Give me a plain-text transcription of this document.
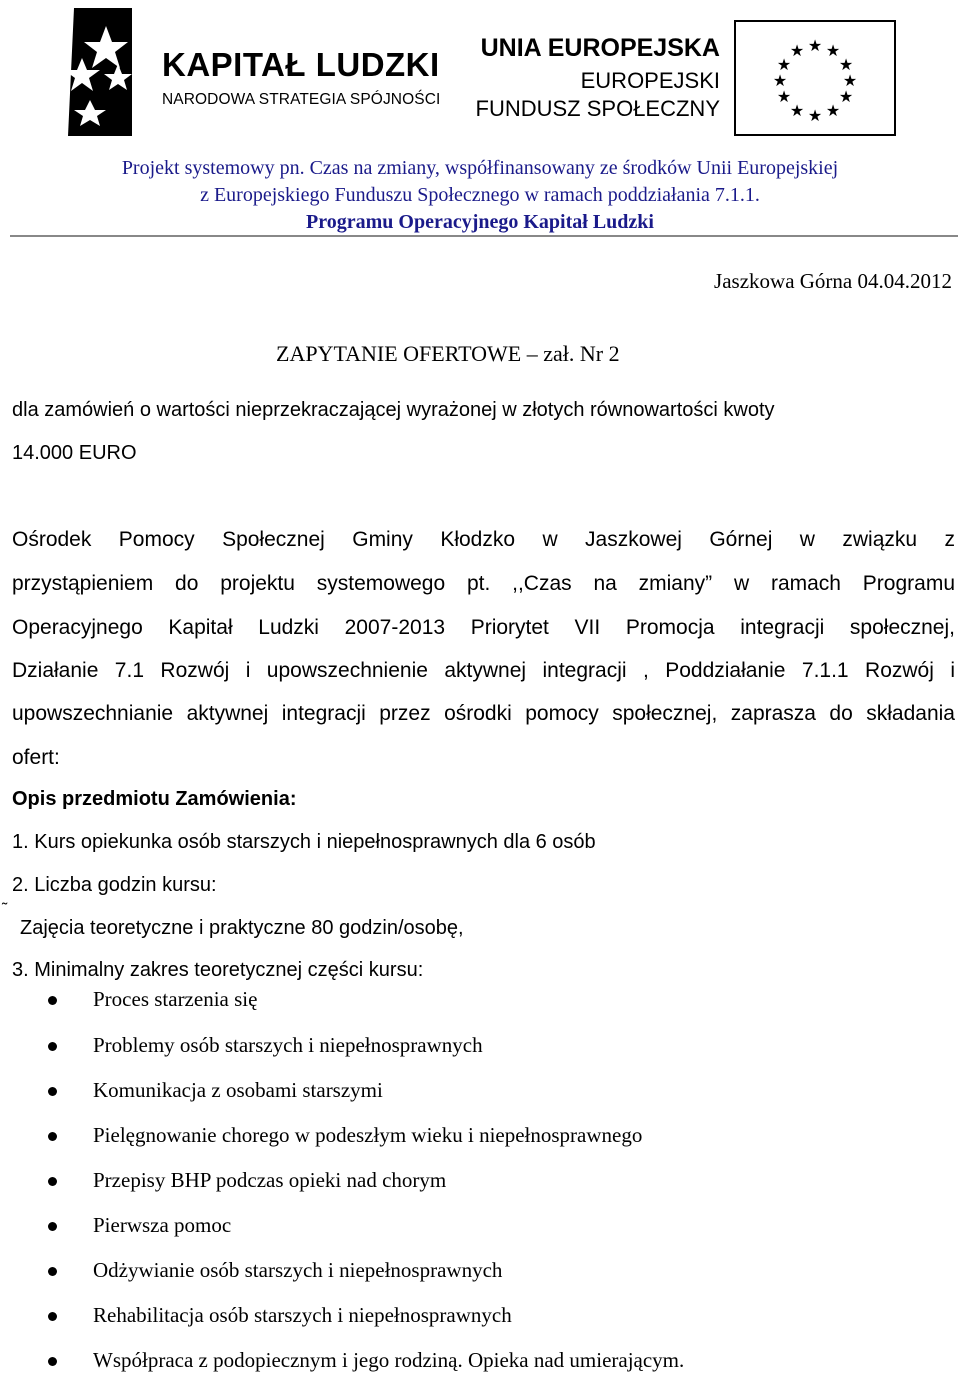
KAPITAŁ LUDZKI
NARODOWA STRATEGIA SPÓJNOŚCI
UNIA EUROPEJSKA
EUROPEJSKI
FUNDUSZ SPOŁECZNY
★ ★
★
★
★
★
★
★
★
★
★
★
Projekt systemowy pn. Czas na zmiany, współfinansowany ze środków Unii Europejskiej
z Europejskiego Funduszu Społecznego w ramach poddziałania 7.1.1.
Programu Operacyjnego Kapitał Ludzki
Jaszkowa Górna 04.04.2012
ZAPYTANIE OFERTOWE – zał. Nr 2
dla zamówień o wartości nieprzekraczającej wyrażonej w złotych równowartości kwoty
14.000 EURO
Ośrodek Pomocy Społecznej Gminy Kłodzko w Jaszkowej Górnej w związku z
przystąpieniem do projektu systemowego pt. ,,Czas na zmiany” w ramach Programu
Operacyjnego Kapitał Ludzki 2007-2013 Priorytet VII Promocja integracji społecznej,
Działanie 7.1 Rozwój i upowszechnienie aktywnej integracji , Poddziałanie 7.1.1 Rozwój i
upowszechnianie aktywnej integracji przez ośrodki pomocy społecznej, zaprasza do składania
ofert:
Opis przedmiotu Zamówienia:
1. Kurs opiekunka osób starszych i niepełnosprawnych dla 6 osób
2. Liczba godzin kursu:
˜
Zajęcia teoretyczne i praktyczne 80 godzin/osobę,
3. Minimalny zakres teoretycznej części kursu:
Proces starzenia się
Problemy osób starszych i niepełnosprawnych
Komunikacja z osobami starszymi
Pielęgnowanie chorego w podeszłym wieku i niepełnosprawnego
Przepisy BHP podczas opieki nad chorym
Pierwsza pomoc
Odżywianie osób starszych i niepełnosprawnych
Rehabilitacja osób starszych i niepełnosprawnych
Współpraca z podopiecznym i jego rodziną. Opieka nad umierającym.
